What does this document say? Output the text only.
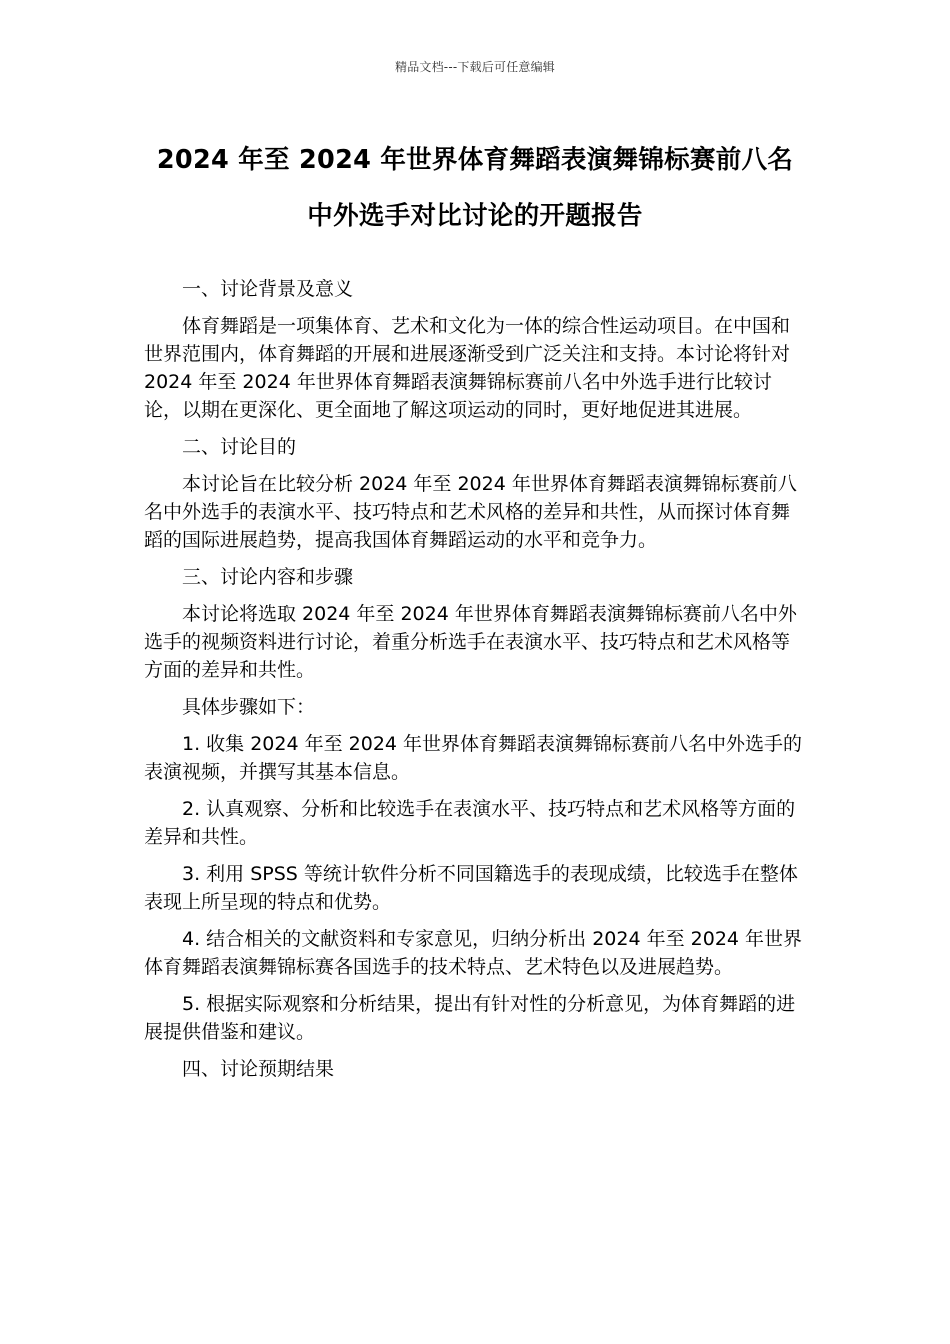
精品文档---下载后可任意编辑
2024 年至 2024 年世界体育舞蹈表演舞锦标赛前八名
中外选手对比讨论的开题报告

一、讨论背景及意义

体育舞蹈是一项集体育、艺术和文化为一体的综合性运动项目。在中国和世界范围内，体育舞蹈的开展和进展逐渐受到广泛关注和支持。本讨论将针对 2024 年至 2024 年世界体育舞蹈表演舞锦标赛前八名中外选手进行比较讨论，以期在更深化、更全面地了解这项运动的同时，更好地促进其进展。

二、讨论目的

本讨论旨在比较分析 2024 年至 2024 年世界体育舞蹈表演舞锦标赛前八名中外选手的表演水平、技巧特点和艺术风格的差异和共性，从而探讨体育舞蹈的国际进展趋势，提高我国体育舞蹈运动的水平和竞争力。

三、讨论内容和步骤

本讨论将选取 2024 年至 2024 年世界体育舞蹈表演舞锦标赛前八名中外选手的视频资料进行讨论，着重分析选手在表演水平、技巧特点和艺术风格等方面的差异和共性。

具体步骤如下：

1. 收集 2024 年至 2024 年世界体育舞蹈表演舞锦标赛前八名中外选手的表演视频，并撰写其基本信息。

2. 认真观察、分析和比较选手在表演水平、技巧特点和艺术风格等方面的差异和共性。

3. 利用 SPSS 等统计软件分析不同国籍选手的表现成绩，比较选手在整体表现上所呈现的特点和优势。

4. 结合相关的文献资料和专家意见，归纳分析出 2024 年至 2024 年世界体育舞蹈表演舞锦标赛各国选手的技术特点、艺术特色以及进展趋势。

5. 根据实际观察和分析结果，提出有针对性的分析意见，为体育舞蹈的进展提供借鉴和建议。

四、讨论预期结果
